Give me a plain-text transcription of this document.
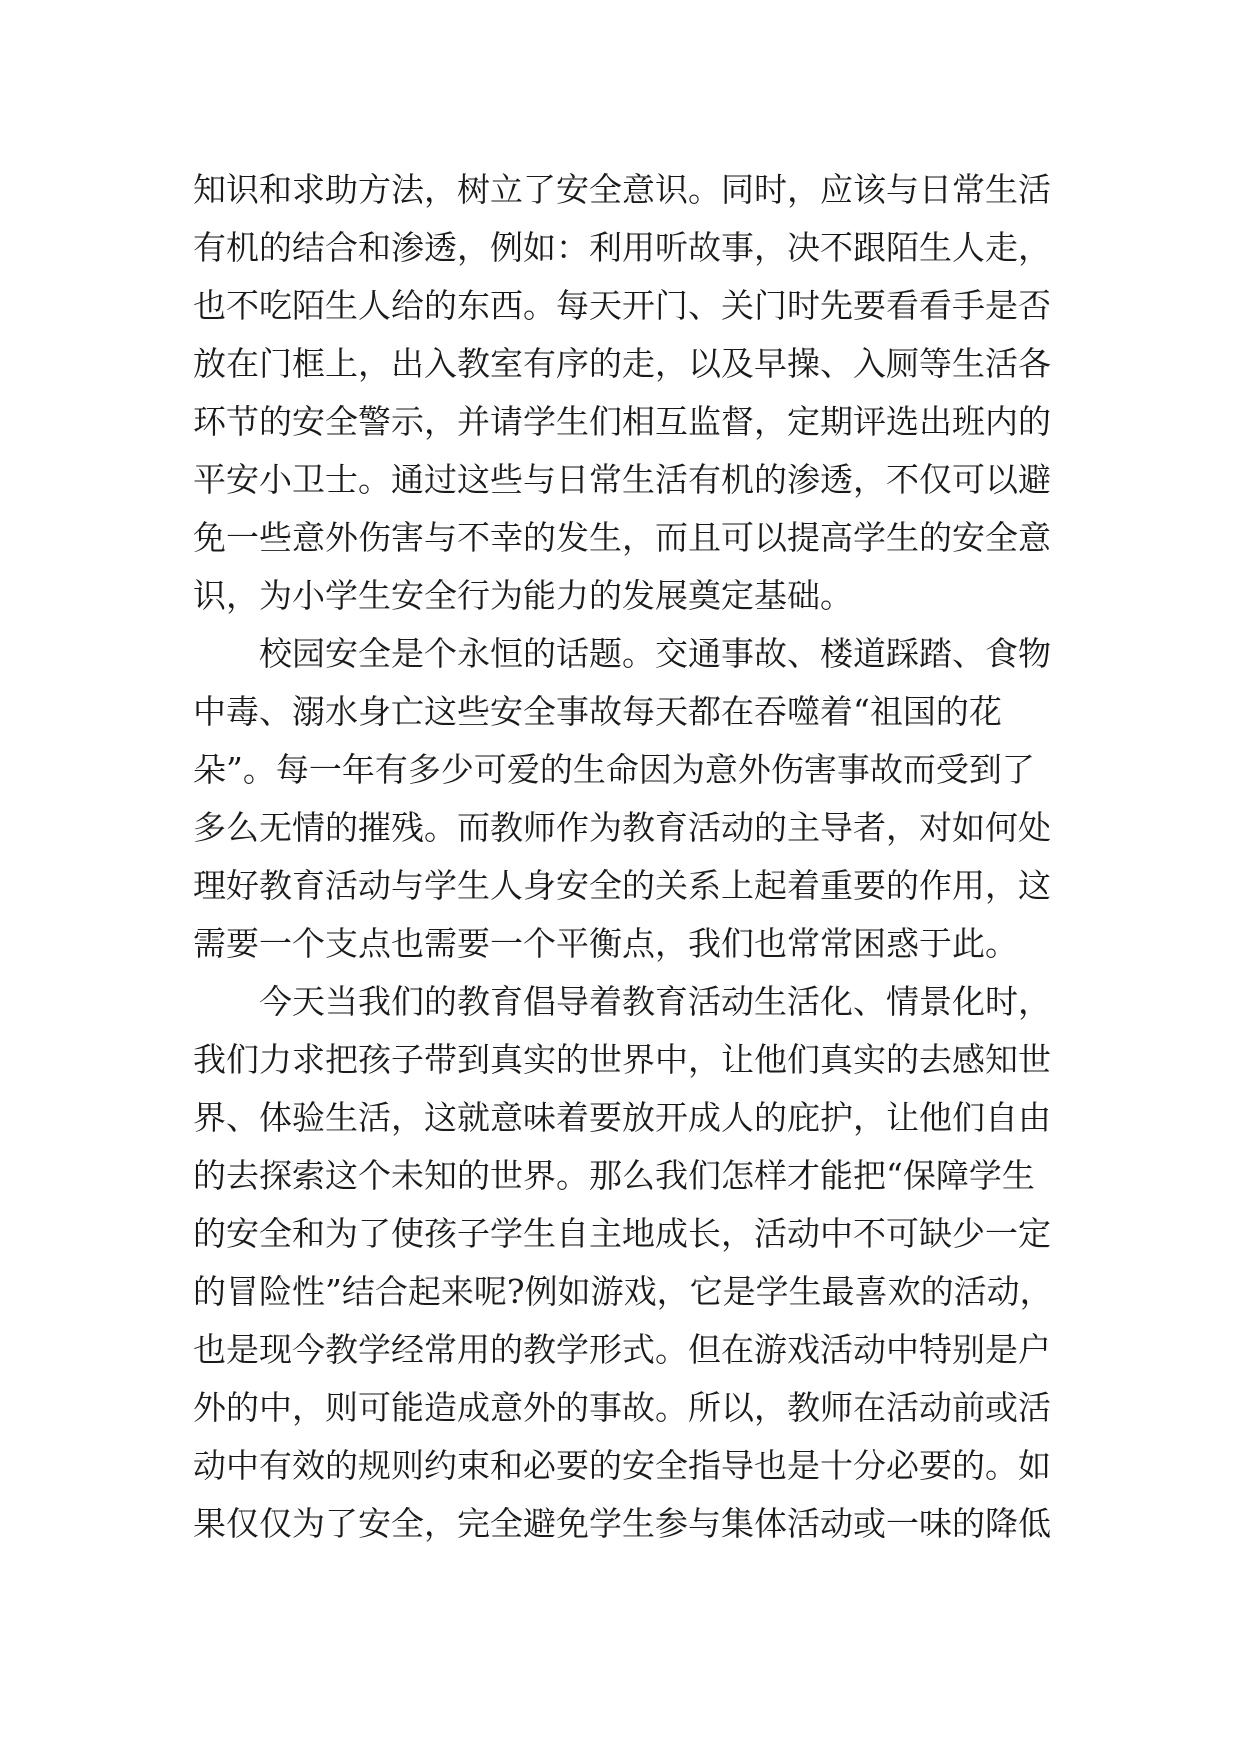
知识和求助方法，树立了安全意识。同时，应该与日常生活
有机的结合和渗透，例如：利用听故事，决不跟陌生人走，
也不吃陌生人给的东西。每天开门、关门时先要看看手是否
放在门框上，出入教室有序的走，以及早操、入厕等生活各
环节的安全警示，并请学生们相互监督，定期评选出班内的
平安小卫士。通过这些与日常生活有机的渗透，不仅可以避
免一些意外伤害与不幸的发生，而且可以提高学生的安全意
识，为小学生安全行为能力的发展奠定基础。
　　校园安全是个永恒的话题。交通事故、楼道踩踏、食物
中毒、溺水身亡这些安全事故每天都在吞噬着“祖国的花
朵”。每一年有多少可爱的生命因为意外伤害事故而受到了
多么无情的摧残。而教师作为教育活动的主导者，对如何处
理好教育活动与学生人身安全的关系上起着重要的作用，这
需要一个支点也需要一个平衡点，我们也常常困惑于此。
　　今天当我们的教育倡导着教育活动生活化、情景化时，
我们力求把孩子带到真实的世界中，让他们真实的去感知世
界、体验生活，这就意味着要放开成人的庇护，让他们自由
的去探索这个未知的世界。那么我们怎样才能把“保障学生
的安全和为了使孩子学生自主地成长，活动中不可缺少一定
的冒险性”结合起来呢?例如游戏，它是学生最喜欢的活动，
也是现今教学经常用的教学形式。但在游戏活动中特别是户
外的中，则可能造成意外的事故。所以，教师在活动前或活
动中有效的规则约束和必要的安全指导也是十分必要的。如
果仅仅为了安全，完全避免学生参与集体活动或一味的降低
